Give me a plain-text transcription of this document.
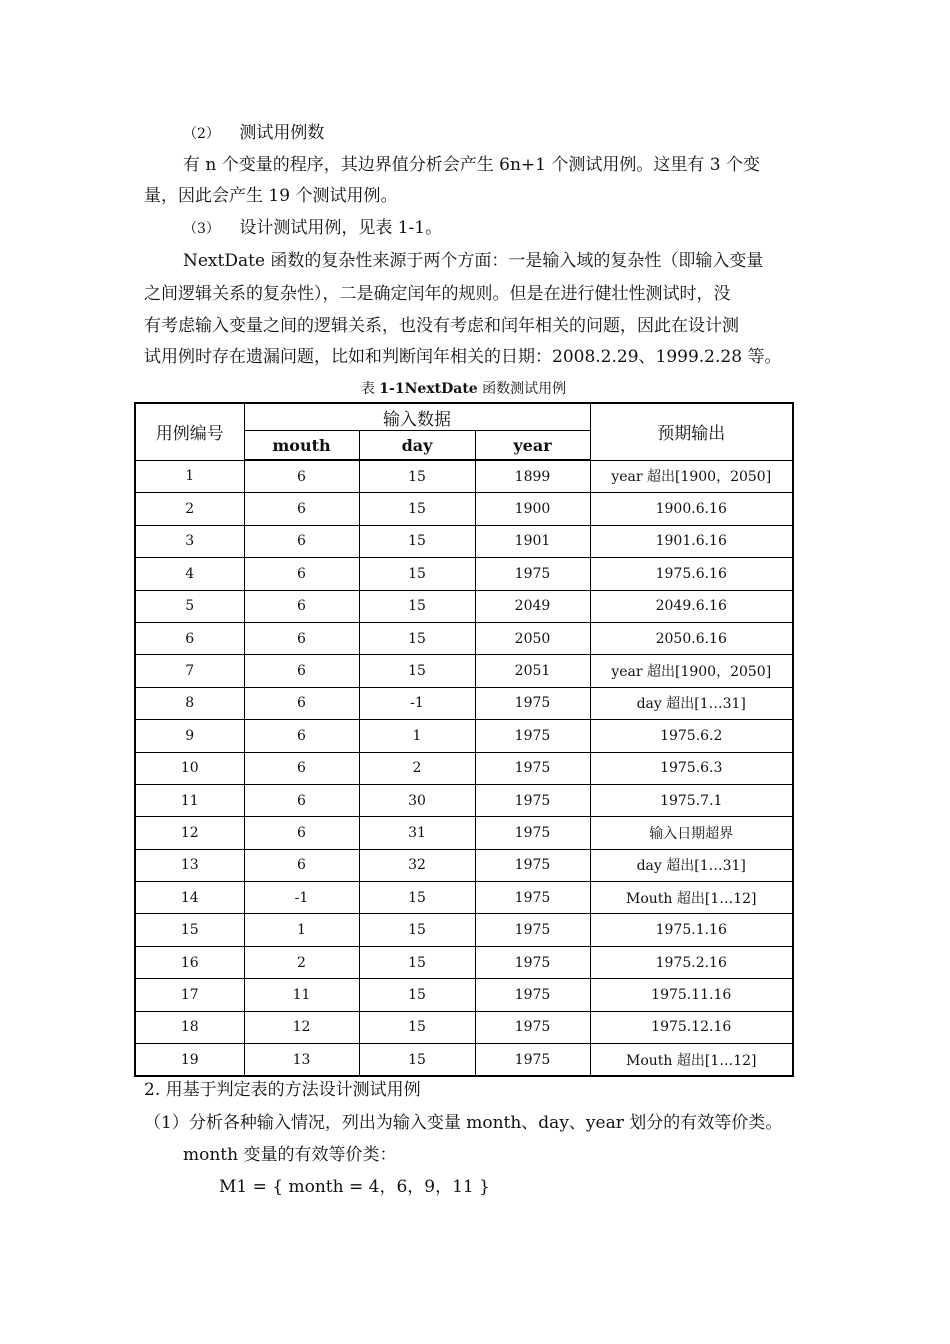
（2） 测试用例数
有 n 个变量的程序，其边界值分析会产生 6n+1 个测试用例。这里有 3 个变
量，因此会产生 19 个测试用例。
（3） 设计测试用例，见表 1-1。
NextDate 函数的复杂性来源于两个方面：一是输入域的复杂性（即输入变量
之间逻辑关系的复杂性），二是确定闰年的规则。但是在进行健壮性测试时，没
有考虑输入变量之间的逻辑关系，也没有考虑和闰年相关的问题，因此在设计测
试用例时存在遗漏问题，比如和判断闰年相关的日期：2008.2.29、1999.2.28 等。
表 1-1NextDate 函数测试用例
用例编号	输入数据			预期输出
	mouth	day	year	
1	6	15	1899	year 超出[1900，2050]
2	6	15	1900	1900.6.16
3	6	15	1901	1901.6.16
4	6	15	1975	1975.6.16
5	6	15	2049	2049.6.16
6	6	15	2050	2050.6.16
7	6	15	2051	year 超出[1900，2050]
8	6	-1	1975	day 超出[1…31]
9	6	1	1975	1975.6.2
10	6	2	1975	1975.6.3
11	6	30	1975	1975.7.1
12	6	31	1975	输入日期超界
13	6	32	1975	day 超出[1…31]
14	-1	15	1975	Mouth 超出[1…12]
15	1	15	1975	1975.1.16
16	2	15	1975	1975.2.16
17	11	15	1975	1975.11.16
18	12	15	1975	1975.12.16
19	13	15	1975	Mouth 超出[1…12]
2. 用基于判定表的方法设计测试用例
（1）分析各种输入情况，列出为输入变量 month、day、year 划分的有效等价类。
month 变量的有效等价类：
M1 = { month = 4，6，9，11 }
